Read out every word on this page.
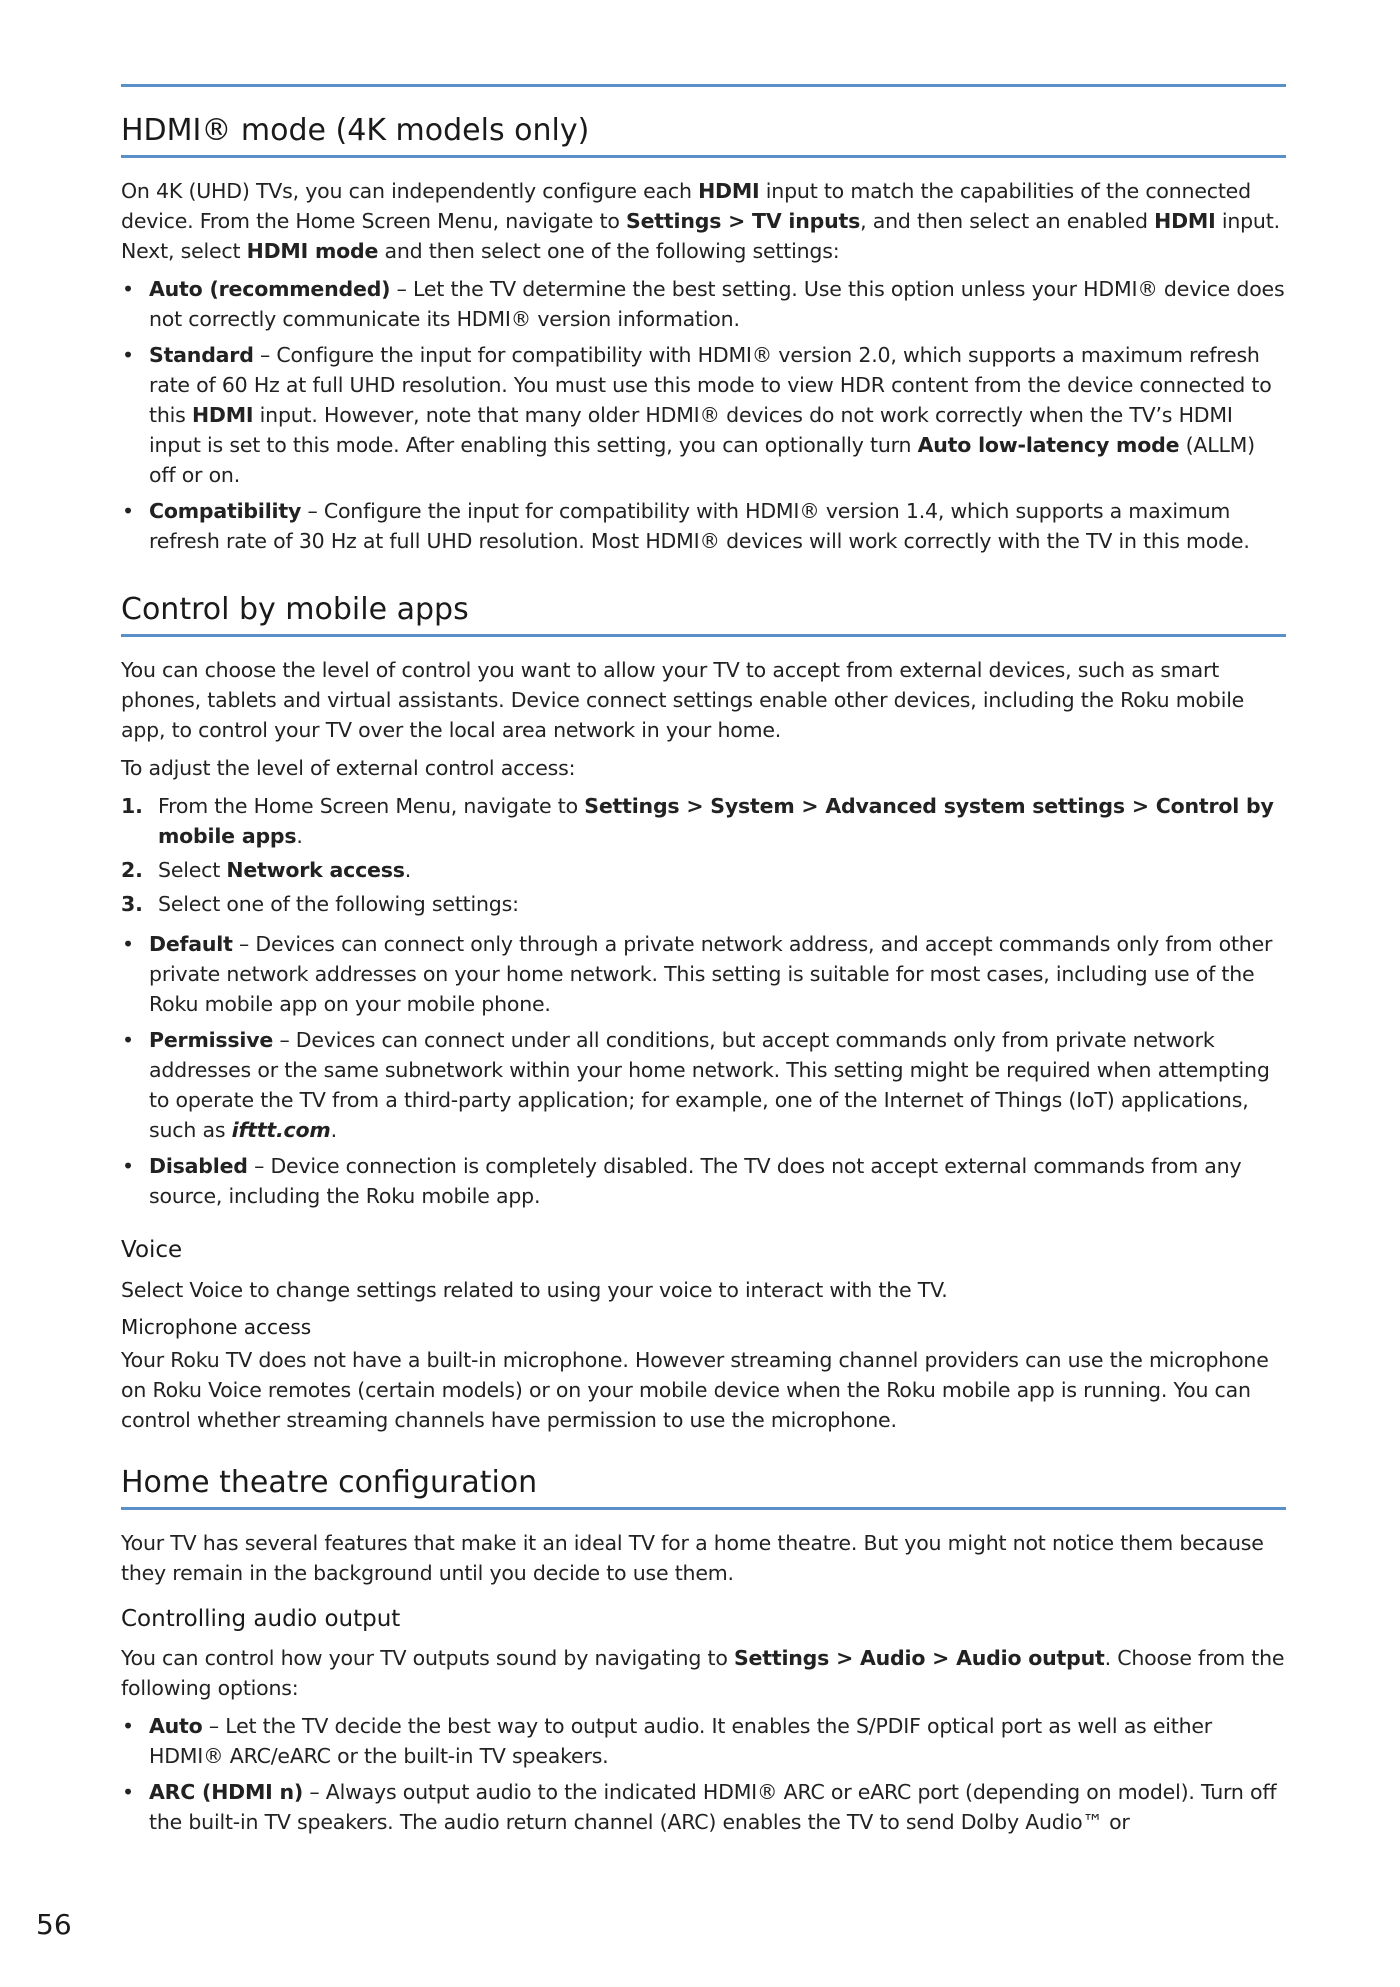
HDMI® mode (4K models only)

On 4K (UHD) TVs, you can independently configure each HDMI input to match the capabilities of the connected device. From the Home Screen Menu, navigate to Settings > TV inputs, and then select an enabled HDMI input. Next, select HDMI mode and then select one of the following settings:

• Auto (recommended) – Let the TV determine the best setting. Use this option unless your HDMI® device does not correctly communicate its HDMI® version information.
• Standard – Configure the input for compatibility with HDMI® version 2.0, which supports a maximum refresh rate of 60 Hz at full UHD resolution. You must use this mode to view HDR content from the device connected to this HDMI input. However, note that many older HDMI® devices do not work correctly when the TV’s HDMI input is set to this mode. After enabling this setting, you can optionally turn Auto low-latency mode (ALLM) off or on.
• Compatibility – Configure the input for compatibility with HDMI® version 1.4, which supports a maximum refresh rate of 30 Hz at full UHD resolution. Most HDMI® devices will work correctly with the TV in this mode.
Control by mobile apps

You can choose the level of control you want to allow your TV to accept from external devices, such as smart phones, tablets and virtual assistants. Device connect settings enable other devices, including the Roku mobile app, to control your TV over the local area network in your home.

To adjust the level of external control access:

1. From the Home Screen Menu, navigate to Settings > System > Advanced system settings > Control by mobile apps.
2. Select Network access.
3. Select one of the following settings:
• Default – Devices can connect only through a private network address, and accept commands only from other private network addresses on your home network. This setting is suitable for most cases, including use of the Roku mobile app on your mobile phone.
• Permissive – Devices can connect under all conditions, but accept commands only from private network addresses or the same subnetwork within your home network. This setting might be required when attempting to operate the TV from a third-party application; for example, one of the Internet of Things (IoT) applications, such as ifttt.com.
• Disabled – Device connection is completely disabled. The TV does not accept external commands from any source, including the Roku mobile app.
Voice

Select Voice to change settings related to using your voice to interact with the TV.

Microphone access

Your Roku TV does not have a built-in microphone. However streaming channel providers can use the microphone on Roku Voice remotes (certain models) or on your mobile device when the Roku mobile app is running. You can control whether streaming channels have permission to use the microphone.

Home theatre configuration

Your TV has several features that make it an ideal TV for a home theatre. But you might not notice them because they remain in the background until you decide to use them.

Controlling audio output

You can control how your TV outputs sound by navigating to Settings > Audio > Audio output. Choose from the following options:

• Auto – Let the TV decide the best way to output audio. It enables the S/PDIF optical port as well as either HDMI® ARC/eARC or the built-in TV speakers.
• ARC (HDMI n) – Always output audio to the indicated HDMI® ARC or eARC port (depending on model). Turn off the built-in TV speakers. The audio return channel (ARC) enables the TV to send Dolby Audio™ or
56
